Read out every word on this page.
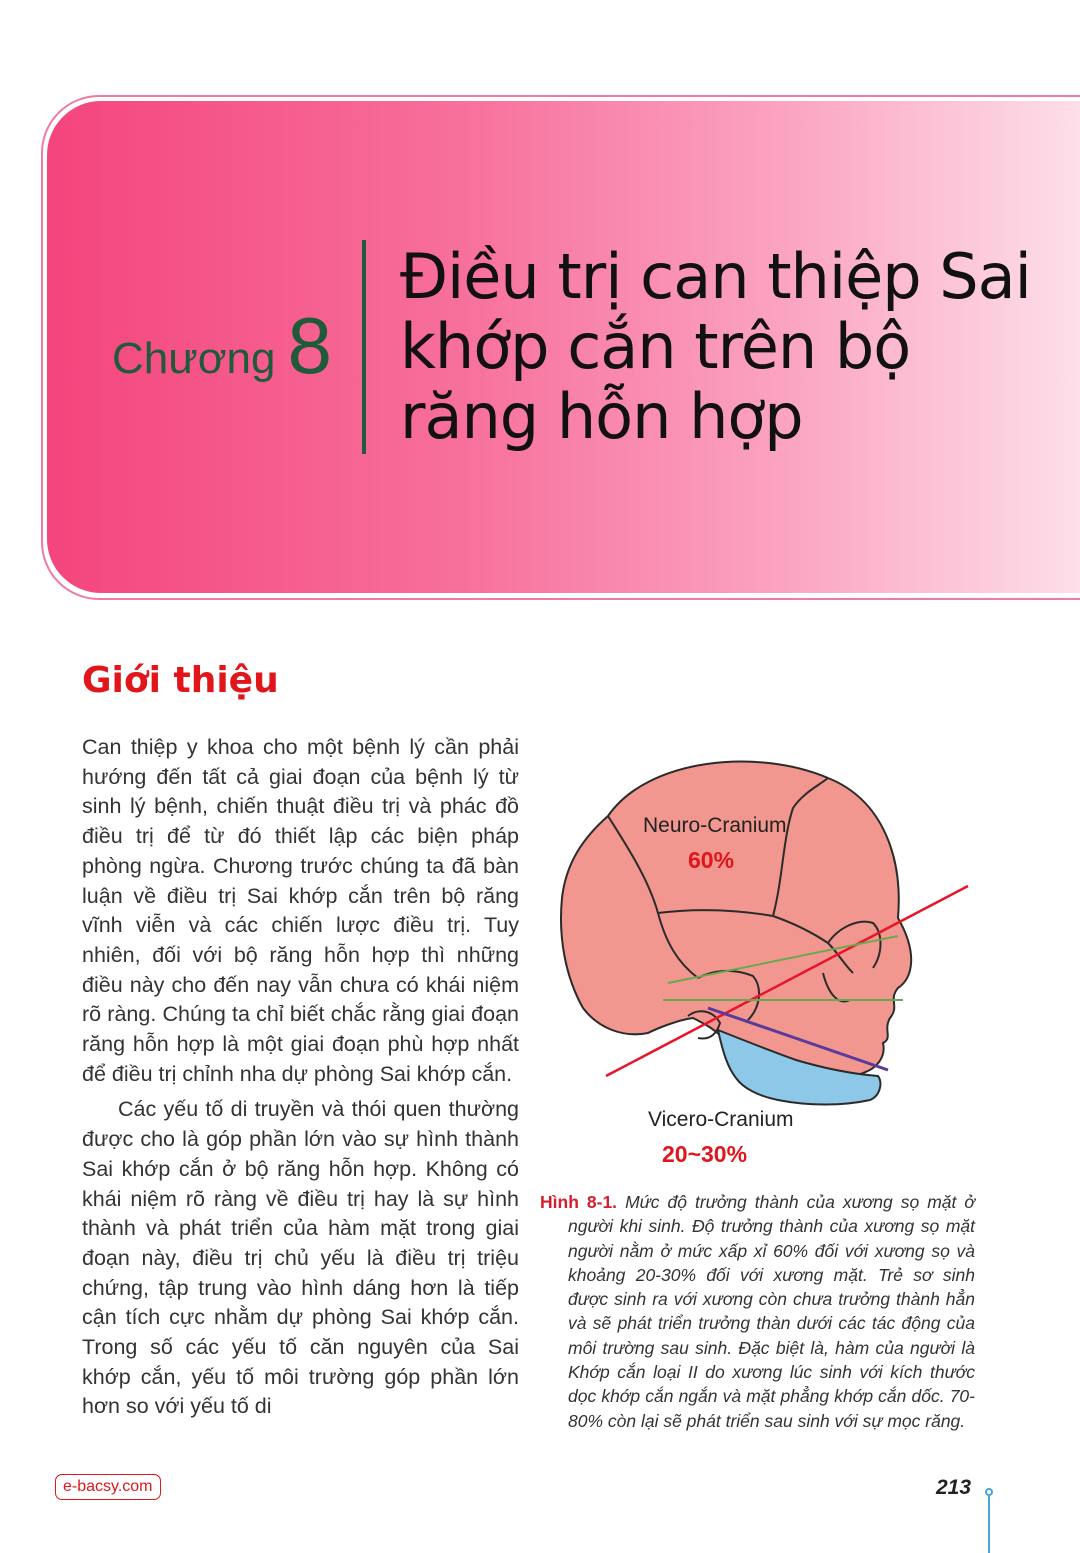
Chương 8
Điều trị can thiệp Sai khớp cắn trên bộ răng hỗn hợp
Giới thiệu

Can thiệp y khoa cho một bệnh lý cần phải hướng đến tất cả giai đoạn của bệnh lý từ sinh lý bệnh, chiến thuật điều trị và phác đồ điều trị để từ đó thiết lập các biện pháp phòng ngừa. Chương trước chúng ta đã bàn luận về điều trị Sai khớp cắn trên bộ răng vĩnh viễn và các chiến lược điều trị. Tuy nhiên, đối với bộ răng hỗn hợp thì những điều này cho đến nay vẫn chưa có khái niệm rõ ràng. Chúng ta chỉ biết chắc rằng giai đoạn răng hỗn hợp là một giai đoạn phù hợp nhất để điều trị chỉnh nha dự phòng Sai khớp cắn.

Các yếu tố di truyền và thói quen thường được cho là góp phần lớn vào sự hình thành Sai khớp cắn ở bộ răng hỗn hợp. Không có khái niệm rõ ràng về điều trị hay là sự hình thành và phát triển của hàm mặt trong giai đoạn này, điều trị chủ yếu là điều trị triệu chứng, tập trung vào hình dáng hơn là tiếp cận tích cực nhằm dự phòng Sai khớp cắn. Trong số các yếu tố căn nguyên của Sai khớp cắn, yếu tố môi trường góp phần lớn hơn so với yếu tố di

Neuro-Cranium
60%
Vicero-Cranium
20~30%
Hình 8-1. Mức độ trưởng thành của xương sọ mặt ở người khi sinh. Độ trưởng thành của xương sọ mặt người nằm ở mức xấp xỉ 60% đối với xương sọ và khoảng 20-30% đối với xương mặt. Trẻ sơ sinh được sinh ra với xương còn chưa trưởng thành hẳn và sẽ phát triển trưởng thàn dưới các tác động của môi trường sau sinh. Đặc biệt là, hàm của người là Khớp cắn loại II do xương lúc sinh với kích thước dọc khớp cắn ngắn và mặt phẳng khớp cắn dốc. 70-80% còn lại sẽ phát triển sau sinh với sự mọc răng.
e-bacsy.com	213
